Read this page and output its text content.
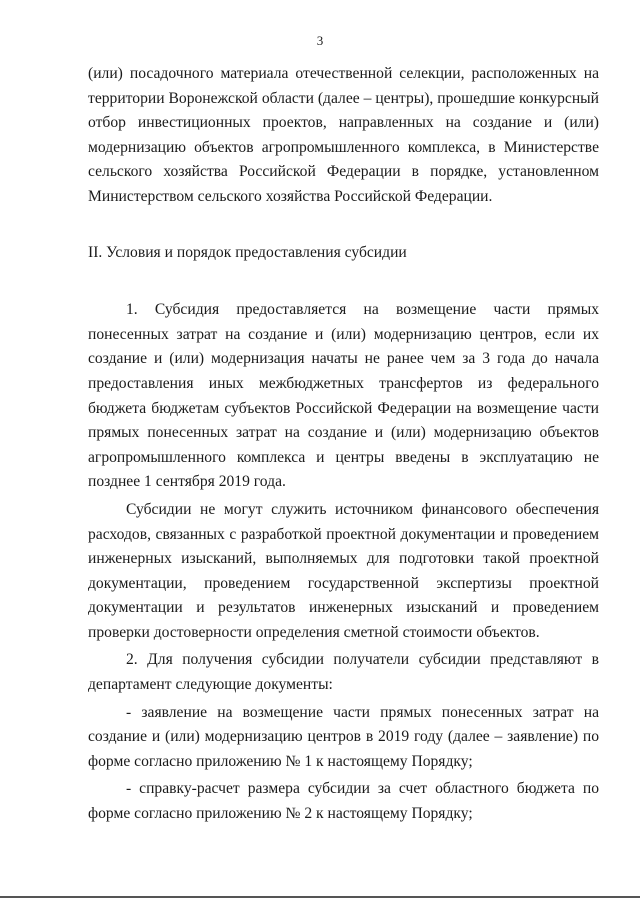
3

(или) посадочного материала отечественной селекции, расположенных на территории Воронежской области (далее – центры), прошедшие конкурсный отбор инвестиционных проектов, направленных на создание и (или) модернизацию объектов агропромышленного комплекса, в Министерстве сельского хозяйства Российской Федерации в порядке, установленном Министерством сельского хозяйства Российской Федерации.

II. Условия и порядок предоставления субсидии

1. Субсидия предоставляется на возмещение части прямых понесенных затрат на создание и (или) модернизацию центров, если их создание и (или) модернизация начаты не ранее чем за 3 года до начала предоставления иных межбюджетных трансфертов из федерального бюджета бюджетам субъектов Российской Федерации на возмещение части прямых понесенных затрат на создание и (или) модернизацию объектов агропромышленного комплекса и центры введены в эксплуатацию не позднее 1 сентября 2019 года.

Субсидии не могут служить источником финансового обеспечения расходов, связанных с разработкой проектной документации и проведением инженерных изысканий, выполняемых для подготовки такой проектной документации, проведением государственной экспертизы проектной документации и результатов инженерных изысканий и проведением проверки достоверности определения сметной стоимости объектов.

2. Для получения субсидии получатели субсидии представляют в департамент следующие документы:

- заявление на возмещение части прямых понесенных затрат на создание и (или) модернизацию центров в 2019 году (далее – заявление) по форме согласно приложению № 1 к настоящему Порядку;

- справку-расчет размера субсидии за счет областного бюджета по форме согласно приложению № 2 к настоящему Порядку;
